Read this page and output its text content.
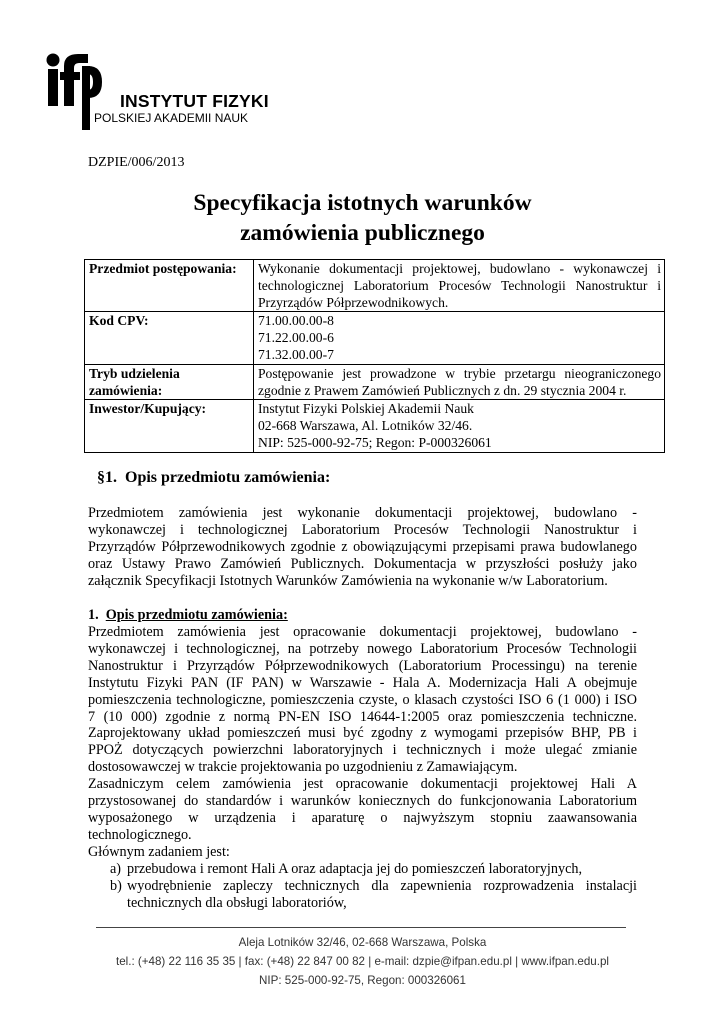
INSTYTUT FIZYKI
POLSKIEJ AKADEMII NAUK
DZPIE/006/2013
Specyfikacja istotnych warunków
zamówienia publicznego
Przedmiot postępowania:	Wykonanie dokumentacji projektowej, budowlano - wykonawczej i
technologicznej Laboratorium Procesów Technologii Nanostruktur i
Przyrządów Półprzewodnikowych.

Kod CPV:	71.00.00.00-8
71.22.00.00-6
71.32.00.00-7

Tryb udzielenia
zamówienia:	Postępowanie jest prowadzone w trybie przetargu nieograniczonego
zgodnie z Prawem Zamówień Publicznych z dn. 29 stycznia 2004 r.

Inwestor/Kupujący:	Instytut Fizyki Polskiej Akademii Nauk
02-668 Warszawa, Al. Lotników 32/46.
NIP: 525-000-92-75; Regon: P-000326061
§1. Opis przedmiotu zamówienia:
Przedmiotem zamówienia jest wykonanie dokumentacji projektowej, budowlano -
wykonawczej i technologicznej Laboratorium Procesów Technologii Nanostruktur i
Przyrządów Półprzewodnikowych zgodnie z obowiązującymi przepisami prawa budowlanego
oraz Ustawy Prawo Zamówień Publicznych. Dokumentacja w przyszłości posłuży jako
załącznik Specyfikacji Istotnych Warunków Zamówienia na wykonanie w/w Laboratorium.
1. Opis przedmiotu zamówienia:
Przedmiotem zamówienia jest opracowanie dokumentacji projektowej, budowlano -
wykonawczej i technologicznej, na potrzeby nowego Laboratorium Procesów Technologii
Nanostruktur i Przyrządów Półprzewodnikowych (Laboratorium Processingu) na terenie
Instytutu Fizyki PAN (IF PAN) w Warszawie - Hala A. Modernizacja Hali A obejmuje
pomieszczenia technologiczne, pomieszczenia czyste, o klasach czystości ISO 6 (1 000) i ISO
7 (10 000) zgodnie z normą PN-EN ISO 14644-1:2005 oraz pomieszczenia techniczne.
Zaprojektowany układ pomieszczeń musi być zgodny z wymogami przepisów BHP, PB i
PPOŻ dotyczących powierzchni laboratoryjnych i technicznych i może ulegać zmianie
dostosowawczej w trakcie projektowania po uzgodnieniu z Zamawiającym.
Zasadniczym celem zamówienia jest opracowanie dokumentacji projektowej Hali A
przystosowanej do standardów i warunków koniecznych do funkcjonowania Laboratorium
wyposażonego w urządzenia i aparaturę o najwyższym stopniu zaawansowania
technologicznego.
Głównym zadaniem jest:
a) przebudowa i remont Hali A oraz adaptacja jej do pomieszczeń laboratoryjnych,
b) wyodrębnienie zapleczy technicznych dla zapewnienia rozprowadzenia instalacji
technicznych dla obsługi laboratoriów,
Aleja Lotników 32/46, 02-668 Warszawa, Polska
tel.: (+48) 22 116 35 35 | fax: (+48) 22 847 00 82 | e-mail: dzpie@ifpan.edu.pl | www.ifpan.edu.pl
NIP: 525-000-92-75, Regon: 000326061
